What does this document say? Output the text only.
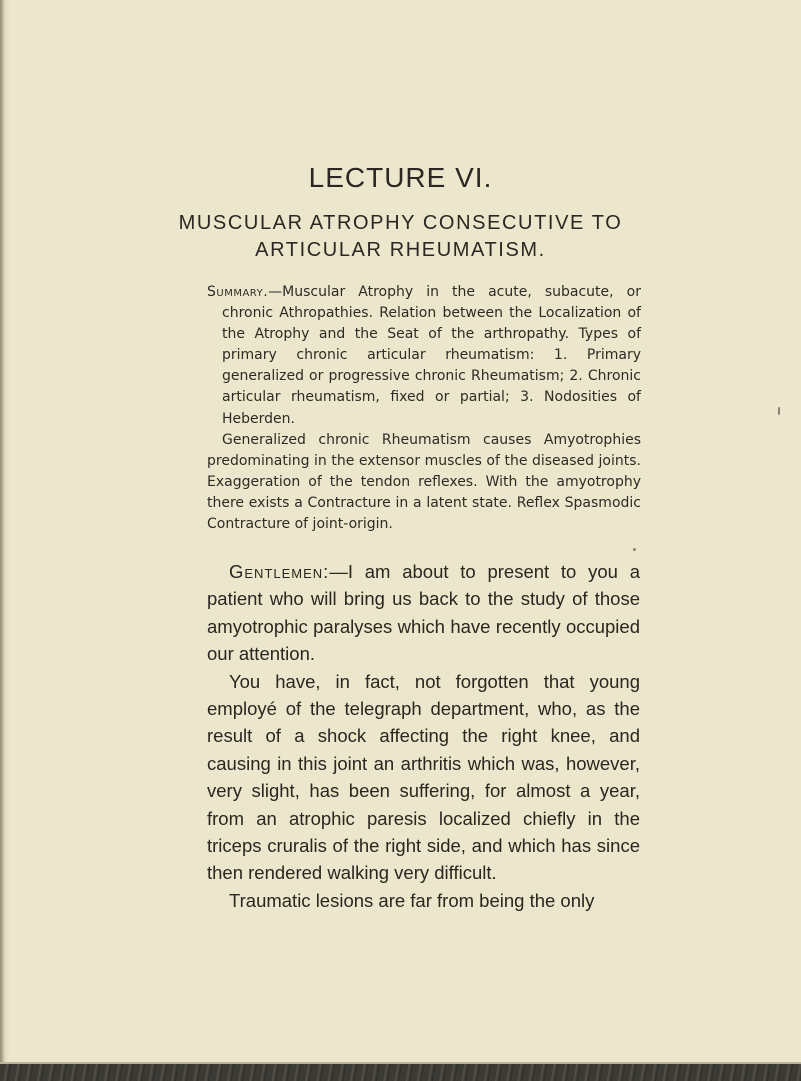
LECTURE VI.
MUSCULAR ATROPHY CONSECUTIVE TO
ARTICULAR RHEUMATISM.

Summary.—Muscular Atrophy in the acute, subacute, or chronic Athropathies. Relation between the Localization of the Atrophy and the Seat of the arthropathy. Types of primary chronic articular rheumatism: 1. Primary generalized or progressive chronic Rheumatism; 2. Chronic articular rheumatism, fixed or partial; 3. Nodosities of Heberden.

Generalized chronic Rheumatism causes Amyotrophies predominating in the extensor muscles of the diseased joints. Exaggeration of the tendon reflexes. With the amyotrophy there exists a Contracture in a latent state. Reflex Spasmodic Contracture of joint-origin.

Gentlemen:—I am about to present to you a patient who will bring us back to the study of those amyotrophic paralyses which have recently occupied our attention.

You have, in fact, not forgotten that young employé of the telegraph department, who, as the result of a shock affecting the right knee, and causing in this joint an arthritis which was, however, very slight, has been suffering, for almost a year, from an atrophic paresis localized chiefly in the triceps cruralis of the right side, and which has since then rendered walking very difficult.

Traumatic lesions are far from being the only
